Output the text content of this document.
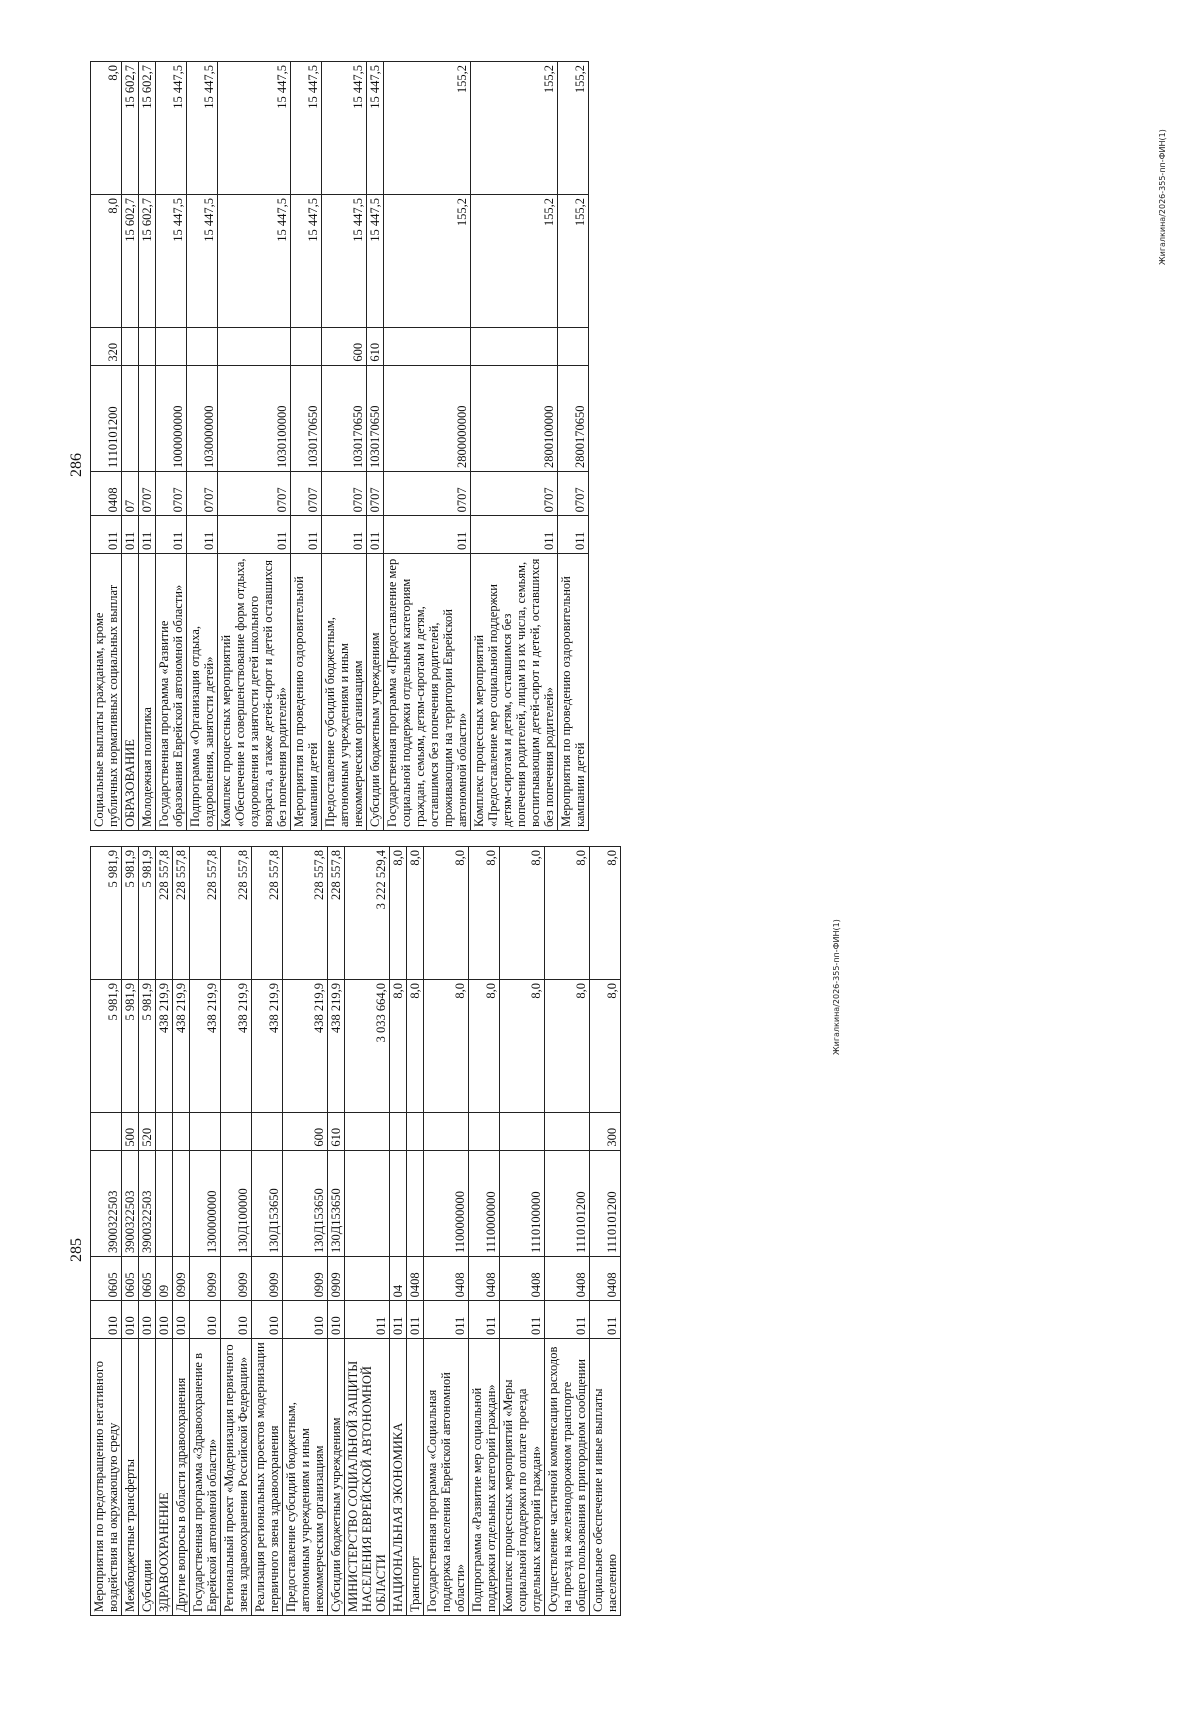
285
Мероприятия по предотвращению негативного воздействия на окружающую среду	010	0605	3900322503		5 981,9	5 981,9
Межбюджетные трансферты	010	0605	3900322503	500	5 981,9	5 981,9
Субсидии	010	0605	3900322503	520	5 981,9	5 981,9
ЗДРАВООХРАНЕНИЕ	010	09			438 219,9	228 557,8
Другие вопросы в области здравоохранения	010	0909			438 219,9	228 557,8
Государственная программа «Здравоохранение в Еврейской автономной области»	010	0909	1300000000		438 219,9	228 557,8
Региональный проект «Модернизация первичного звена здравоохранения Российской Федерации»	010	0909	130Д100000		438 219,9	228 557,8
Реализация региональных проектов модернизации первичного звена здравоохранения	010	0909	130Д153650		438 219,9	228 557,8
Предоставление субсидий бюджетным, автономным учреждениям и иным некоммерческим организациям	010	0909	130Д153650	600	438 219,9	228 557,8
Субсидии бюджетным учреждениям	010	0909	130Д153650	610	438 219,9	228 557,8
МИНИСТЕРСТВО СОЦИАЛЬНОЙ ЗАЩИТЫ НАСЕЛЕНИЯ ЕВРЕЙСКОЙ АВТОНОМНОЙ ОБЛАСТИ	011				3 033 664,0	3 222 529,4
НАЦИОНАЛЬНАЯ ЭКОНОМИКА	011	04			8,0	8,0
Транспорт	011	0408			8,0	8,0
Государственная программа «Социальная поддержка населения Еврейской автономной области»	011	0408	1100000000		8,0	8,0
Подпрограмма «Развитие мер социальной поддержки отдельных категорий граждан»	011	0408	1110000000		8,0	8,0
Комплекс процессных мероприятий «Меры социальной поддержки по оплате проезда отдельных категорий граждан»	011	0408	1110100000		8,0	8,0
Осуществление частичной компенсации расходов на проезд на железнодорожном транспорте общего пользования в пригородном сообщении	011	0408	1110101200		8,0	8,0
Социальное обеспечение и иные выплаты населению	011	0408	1110101200	300	8,0	8,0
286
Социальные выплаты гражданам, кроме публичных нормативных социальных выплат	011	0408	1110101200	320	8,0	8,0
ОБРАЗОВАНИЕ	011	07			15 602,7	15 602,7
Молодежная политика	011	0707			15 602,7	15 602,7
Государственная программа «Развитие образования Еврейской автономной области»	011	0707	1000000000		15 447,5	15 447,5
Подпрограмма «Организация отдыха, оздоровления, занятости детей»	011	0707	1030000000		15 447,5	15 447,5
Комплекс процессных мероприятий «Обеспечение и совершенствование форм отдыха, оздоровления и занятости детей школьного возраста, а также детей-сирот и детей оставшихся без попечения родителей»	011	0707	1030100000		15 447,5	15 447,5
Мероприятия по проведению оздоровительной кампании детей	011	0707	1030170650		15 447,5	15 447,5
Предоставление субсидий бюджетным, автономным учреждениям и иным некоммерческим организациям	011	0707	1030170650	600	15 447,5	15 447,5
Субсидии бюджетным учреждениям	011	0707	1030170650	610	15 447,5	15 447,5
Государственная программа «Предоставление мер социальной поддержки отдельным категориям граждан, семьям, детям-сиротам и детям, оставшимся без попечения родителей, проживающим на территории Еврейской автономной области»	011	0707	2800000000		155,2	155,2
Комплекс процессных мероприятий «Предоставление мер социальной поддержки детям-сиротам и детям, оставшимся без попечения родителей, лицам из их числа, семьям, воспитывающим детей-сирот и детей, оставшихся без попечения родителей»	011	0707	2800100000		155,2	155,2
Мероприятия по проведению оздоровительной кампании детей	011	0707	2800170650		155,2	155,2
Жигалкина/2026-355-пп-ФИН(1)
Жигалкина/2026-355-пп-ФИН(1)
